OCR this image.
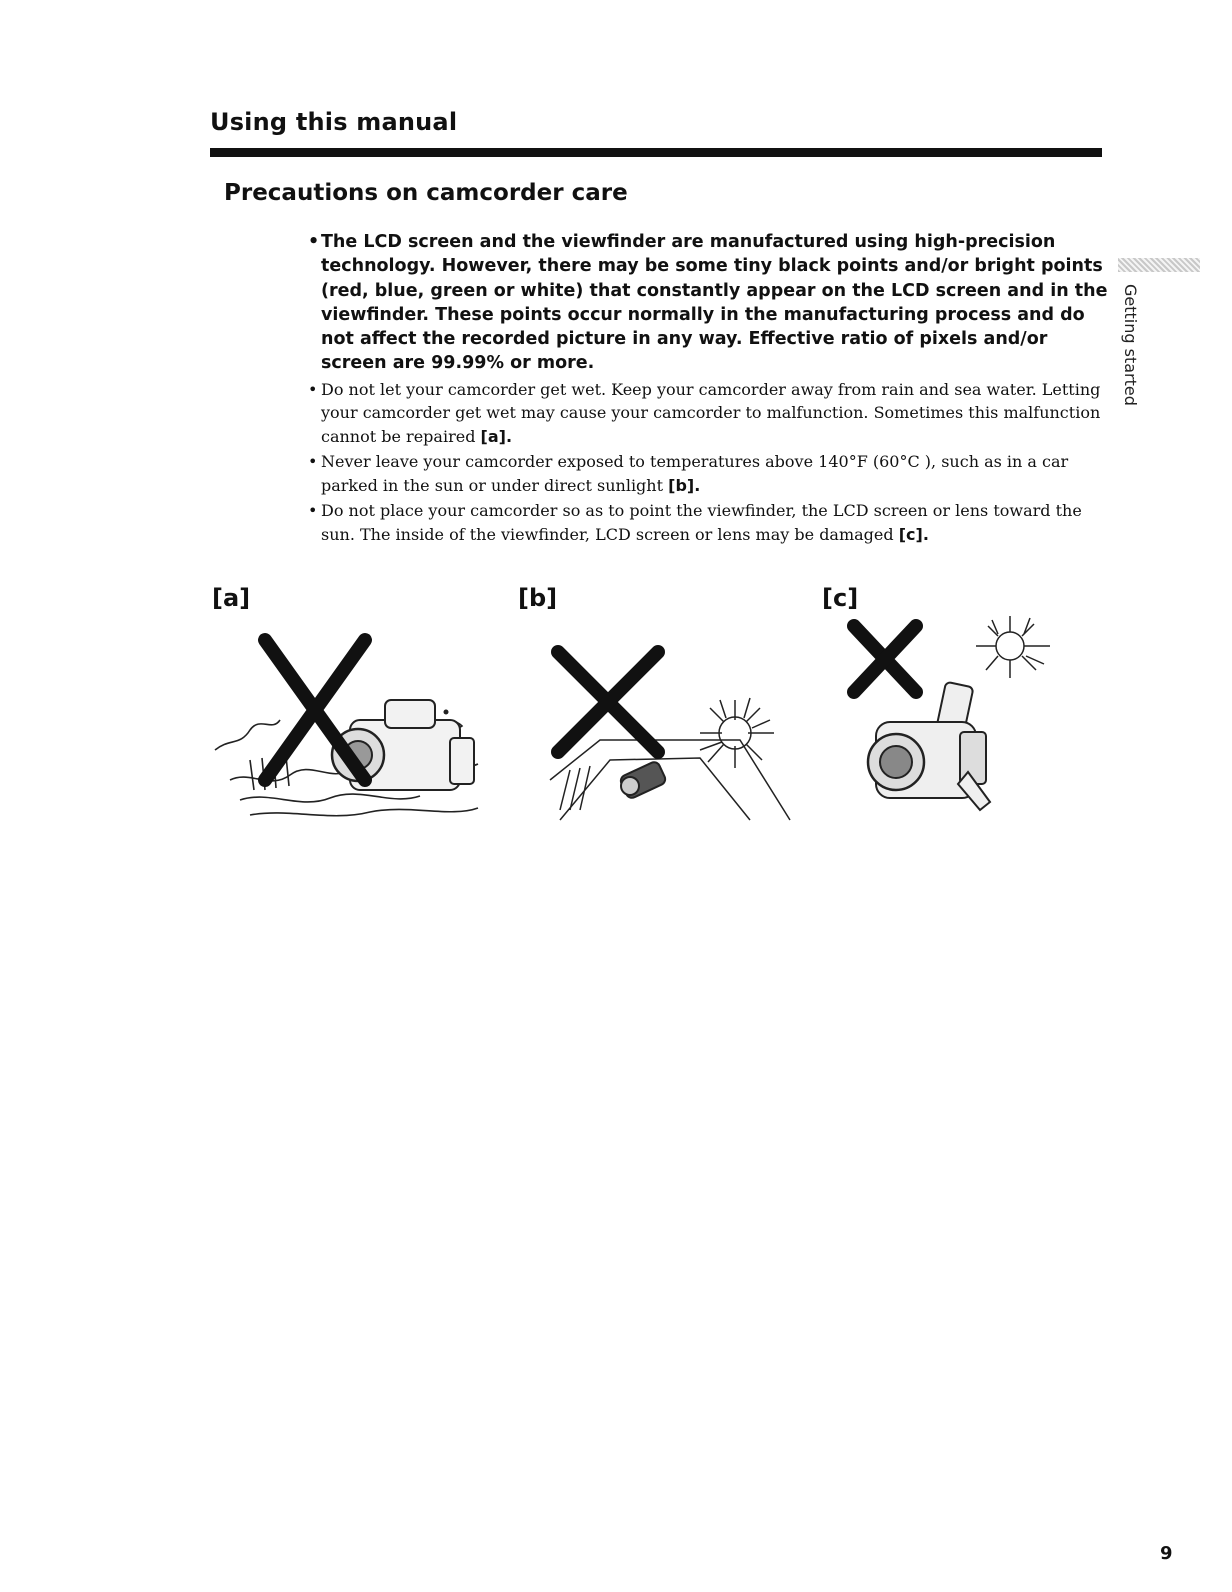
Using this manual
Precautions on camcorder care
Getting started
• The LCD screen and the viewfinder are manufactured using high-precision technology. However, there may be some tiny black points and/or bright points (red, blue, green or white) that constantly appear on the LCD screen and in the viewfinder. These points occur normally in the manufacturing process and do not affect the recorded picture in any way. Effective ratio of pixels and/or screen are 99.99% or more.
• Do not let your camcorder get wet. Keep your camcorder away from rain and sea water. Letting your camcorder get wet may cause your camcorder to malfunction. Sometimes this malfunction cannot be repaired [a].
• Never leave your camcorder exposed to temperatures above 140°F (60°C ), such as in a car parked in the sun or under direct sunlight [b].
• Do not place your camcorder so as to point the viewfinder, the LCD screen or lens toward the sun. The inside of the viewfinder, LCD screen or lens may be damaged [c].
[a]	[b]	[c]
9
